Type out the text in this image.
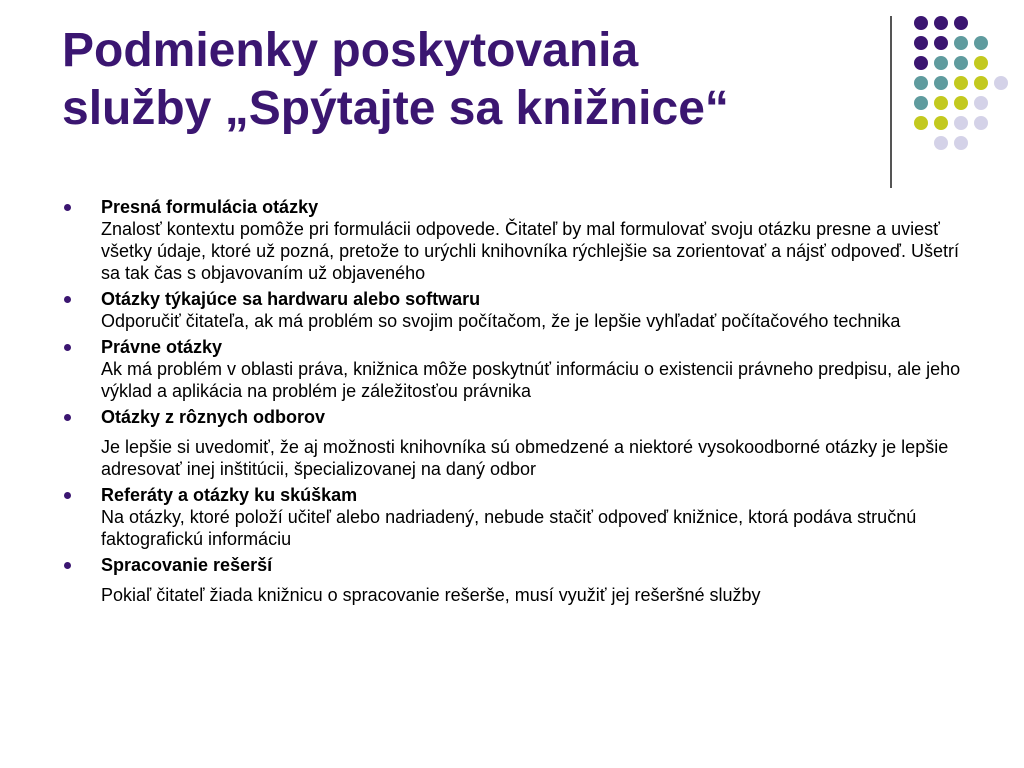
Podmienky poskytovania
služby „Spýtajte sa knižnice“
Presná formulácia otázky
Znalosť kontextu pomôže pri formulácii odpovede. Čitateľ by mal formulovať svoju otázku presne a uviesť všetky údaje, ktoré už pozná, pretože to urýchli knihovníka rýchlejšie sa zorientovať a nájsť odpoveď. Ušetrí sa tak čas s objavovaním už objaveného
Otázky týkajúce sa hardwaru alebo softwaru
Odporučiť čitateľa, ak má problém so svojim počítačom, že je lepšie vyhľadať počítačového technika
Právne otázky
Ak má problém v oblasti práva, knižnica môže poskytnúť informáciu o existencii právneho predpisu, ale jeho výklad a aplikácia na problém je záležitosťou právnika
Otázky z rôznych odborov
Je lepšie si uvedomiť, že aj možnosti knihovníka sú obmedzené a niektoré vysokoodborné otázky je lepšie adresovať inej inštitúcii, špecializovanej na daný odbor
Referáty a otázky ku skúškam
Na otázky, ktoré položí učiteľ alebo nadriadený, nebude stačiť odpoveď knižnice, ktorá podáva stručnú faktografickú informáciu
Spracovanie rešerší
Pokiaľ čitateľ žiada knižnicu o spracovanie rešerše, musí využiť jej rešeršné služby
